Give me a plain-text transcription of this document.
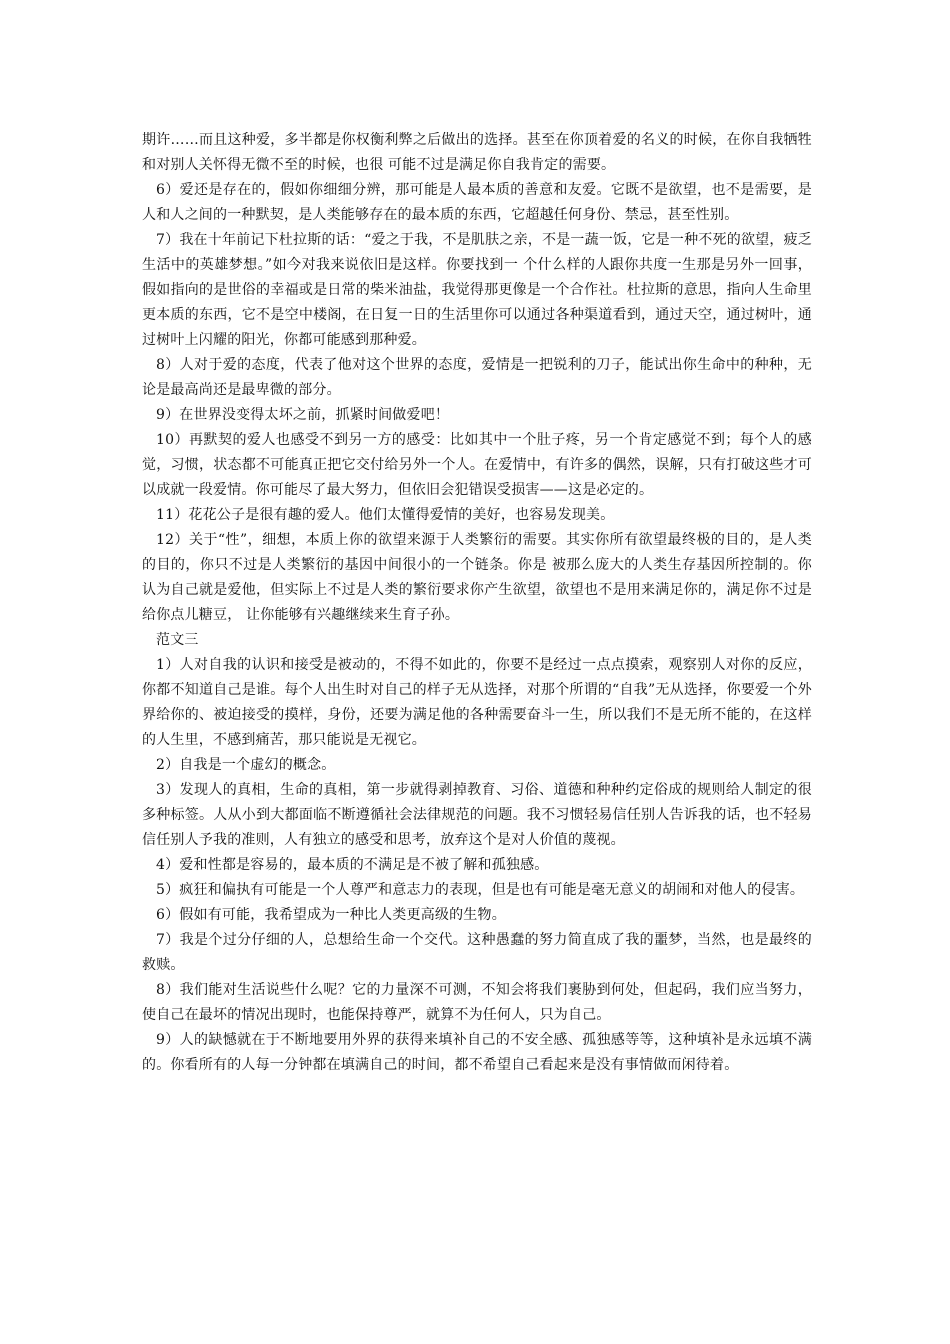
期许……而且这种爱，多半都是你权衡利弊之后做出的选择。甚至在你顶着爱的名义的时候，在你自我牺牲和对别人关怀得无微不至的时候，也很 可能不过是满足你自我肯定的需要。

6）爱还是存在的，假如你细细分辨，那可能是人最本质的善意和友爱。它既不是欲望，也不是需要，是人和人之间的一种默契，是人类能够存在的最本质的东西，它超越任何身份、禁忌，甚至性别。

7）我在十年前记下杜拉斯的话：“爱之于我，不是肌肤之亲，不是一蔬一饭，它是一种不死的欲望，疲乏生活中的英雄梦想。”如今对我来说依旧是这样。你要找到一 个什么样的人跟你共度一生那是另外一回事，假如指向的是世俗的幸福或是日常的柴米油盐，我觉得那更像是一个合作社。杜拉斯的意思，指向人生命里更本质的东西，它不是空中楼阁，在日复一日的生活里你可以通过各种渠道看到，通过天空，通过树叶，通过树叶上闪耀的阳光，你都可能感到那种爱。

8）人对于爱的态度，代表了他对这个世界的态度，爱情是一把锐利的刀子，能试出你生命中的种种，无论是最高尚还是最卑微的部分。

9）在世界没变得太坏之前，抓紧时间做爱吧！

10）再默契的爱人也感受不到另一方的感受：比如其中一个肚子疼，另一个肯定感觉不到；每个人的感觉，习惯，状态都不可能真正把它交付给另外一个人。在爱情中，有许多的偶然，误解，只有打破这些才可以成就一段爱情。你可能尽了最大努力，但依旧会犯错误受损害——这是必定的。

11）花花公子是很有趣的爱人。他们太懂得爱情的美好，也容易发现美。

12）关于“性”，细想，本质上你的欲望来源于人类繁衍的需要。其实你所有欲望最终极的目的，是人类的目的，你只不过是人类繁衍的基因中间很小的一个链条。你是 被那么庞大的人类生存基因所控制的。你认为自己就是爱他，但实际上不过是人类的繁衍要求你产生欲望，欲望也不是用来满足你的，满足你不过是给你点儿糖豆， 让你能够有兴趣继续来生育子孙。

范文三

1）人对自我的认识和接受是被动的，不得不如此的，你要不是经过一点点摸索，观察别人对你的反应，你都不知道自己是谁。每个人出生时对自己的样子无从选择，对那个所谓的“自我”无从选择，你要爱一个外界给你的、被迫接受的摸样，身份，还要为满足他的各种需要奋斗一生，所以我们不是无所不能的，在这样的人生里，不感到痛苦，那只能说是无视它。

2）自我是一个虚幻的概念。

3）发现人的真相，生命的真相，第一步就得剥掉教育、习俗、道德和种种约定俗成的规则给人制定的很多种标签。人从小到大都面临不断遵循社会法律规范的问题。我不习惯轻易信任别人告诉我的话，也不轻易信任别人予我的准则，人有独立的感受和思考，放弃这个是对人价值的蔑视。

4）爱和性都是容易的，最本质的不满足是不被了解和孤独感。

5）疯狂和偏执有可能是一个人尊严和意志力的表现，但是也有可能是毫无意义的胡闹和对他人的侵害。

6）假如有可能，我希望成为一种比人类更高级的生物。

7）我是个过分仔细的人，总想给生命一个交代。这种愚蠢的努力简直成了我的噩梦，当然，也是最终的救赎。

8）我们能对生活说些什么呢？它的力量深不可测，不知会将我们裹胁到何处，但起码，我们应当努力，使自己在最坏的情况出现时，也能保持尊严，就算不为任何人，只为自己。

9）人的缺憾就在于不断地要用外界的获得来填补自己的不安全感、孤独感等等，这种填补是永远填不满的。你看所有的人每一分钟都在填满自己的时间，都不希望自己看起来是没有事情做而闲待着。
